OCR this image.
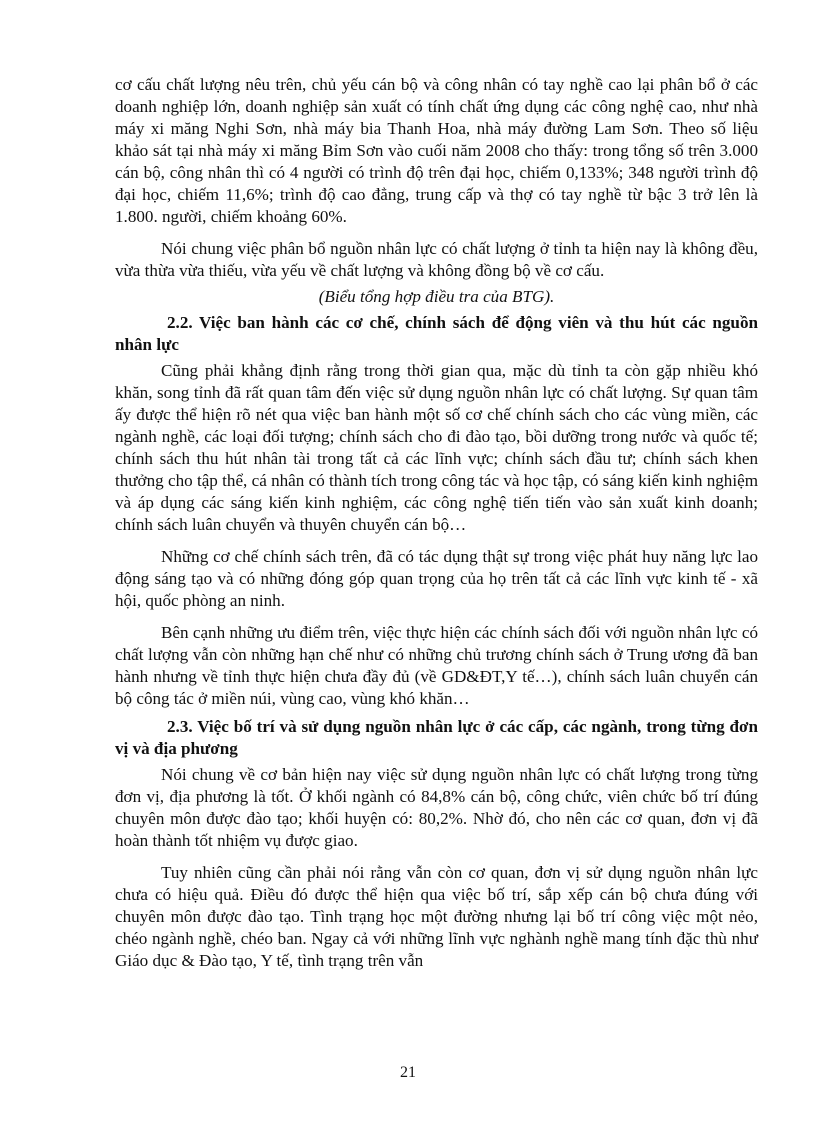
cơ cấu chất lượng nêu trên, chủ yếu cán bộ và công nhân có tay nghề cao lại phân bổ ở các doanh nghiệp lớn, doanh nghiệp sản xuất có tính chất ứng dụng các công nghệ cao, như nhà máy xi măng Nghi Sơn, nhà máy bia Thanh Hoa, nhà máy đường Lam Sơn. Theo số liệu khảo sát tại nhà máy xi măng Bỉm Sơn vào cuối năm 2008 cho thấy: trong tổng số trên 3.000 cán bộ, công nhân thì có 4 người có trình độ trên đại học, chiếm 0,133%; 348 người trình độ đại học, chiếm 11,6%; trình độ cao đẳng, trung cấp và thợ có tay nghề từ bậc 3 trở lên là 1.800. người, chiếm khoảng 60%.

Nói chung việc phân bổ nguồn nhân lực có chất lượng ở tỉnh ta hiện nay là không đều, vừa thừa vừa thiếu, vừa yếu về chất lượng và không đồng bộ về cơ cấu.

(Biểu tổng hợp điều tra của BTG).

2.2. Việc ban hành các cơ chế, chính sách để động viên và thu hút các nguồn nhân lực

Cũng phải khẳng định rằng trong thời gian qua, mặc dù tỉnh ta còn gặp nhiều khó khăn, song tỉnh đã rất quan tâm đến việc sử dụng nguồn nhân lực có chất lượng. Sự quan tâm ấy được thể hiện rõ nét qua việc ban hành một số cơ chế chính sách cho các vùng miền, các ngành nghề, các loại đối tượng; chính sách cho đi đào tạo, bồi dưỡng trong nước và quốc tế; chính sách thu hút nhân tài trong tất cả các lĩnh vực; chính sách đầu tư; chính sách khen thưởng cho tập thể, cá nhân có thành tích trong công tác và học tập, có sáng kiến kinh nghiệm và áp dụng các sáng kiến kinh nghiệm, các công nghệ tiến tiến vào sản xuất kinh doanh; chính sách luân chuyển và thuyên chuyển cán bộ…

Những cơ chế chính sách trên, đã có tác dụng thật sự trong việc phát huy năng lực lao động sáng tạo và có những đóng góp quan trọng của họ trên tất cả các lĩnh vực kinh tế - xã hội, quốc phòng an ninh.

Bên cạnh những ưu điểm trên, việc thực hiện các chính sách đối với nguồn nhân lực có chất lượng vẫn còn những hạn chế như có những chủ trương chính sách ở Trung ương đã ban hành nhưng về tỉnh thực hiện chưa đầy đủ (về GD&ĐT,Y tế…), chính sách luân chuyển cán bộ công tác ở miền núi, vùng cao, vùng khó khăn…

2.3. Việc bố trí và sử dụng nguồn nhân lực ở các cấp, các ngành, trong từng đơn vị và địa phương

Nói chung về cơ bản hiện nay việc sử dụng nguồn nhân lực có chất lượng trong từng đơn vị, địa phương là tốt. Ở khối ngành có 84,8% cán bộ, công chức, viên chức bố trí đúng chuyên môn được đào tạo; khối huyện có: 80,2%. Nhờ đó, cho nên các cơ quan, đơn vị đã hoàn thành tốt nhiệm vụ được giao.

Tuy nhiên cũng cần phải nói rằng vẫn còn cơ quan, đơn vị sử dụng nguồn nhân lực chưa có hiệu quả. Điều đó được thể hiện qua việc bố trí, sắp xếp cán bộ chưa đúng với chuyên môn được đào tạo. Tình trạng học một đường nhưng lại bố trí công việc một nẻo, chéo ngành nghề, chéo ban. Ngay cả với những lĩnh vực nghành nghề mang tính đặc thù như Giáo dục & Đào tạo, Y tế, tình trạng trên vẫn

21
